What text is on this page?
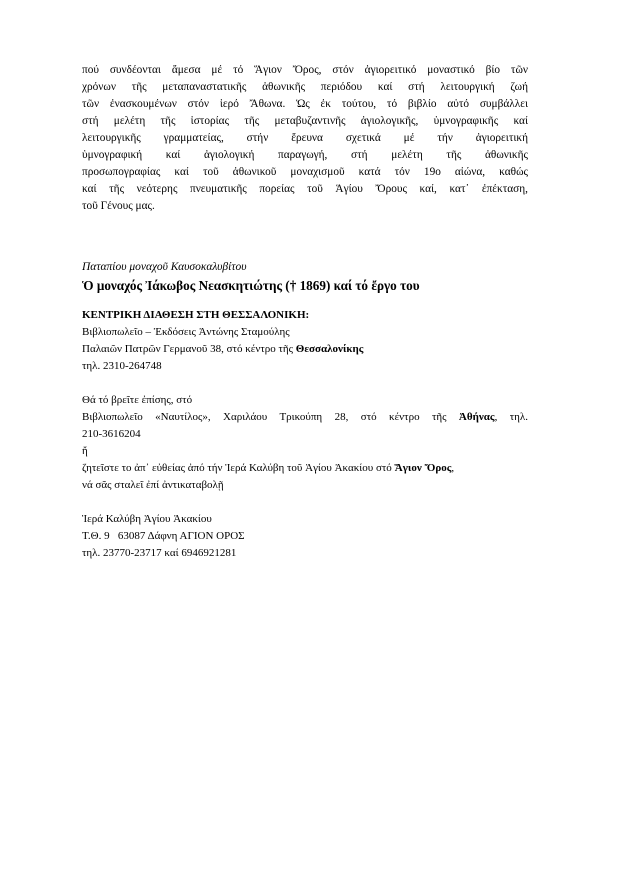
πού συνδέονται ἄμεσα μέ τό Ἅγιον Ὄρος, στόν ἁγιορειτικό μοναστικό βίο τῶν
χρόνων τῆς μεταπαναστατικῆς ἀθωνικῆς περιόδου καί στή λειτουργική ζωή
τῶν ἐνασκουμένων στόν ἱερό Ἄθωνα. Ὡς ἐκ τούτου, τό βιβλίο αὐτό συμβάλλει
στή μελέτη τῆς ἱστορίας τῆς μεταβυζαντινῆς ἁγιολογικῆς, ὑμνογραφικῆς καί
λειτουργικῆς γραμματείας, στήν ἔρευνα σχετικά μέ τήν ἁγιορειτική
ὑμνογραφική καί ἁγιολογική παραγωγή, στή μελέτη τῆς ἀθωνικῆς
προσωπογραφίας καί τοῦ ἀθωνικοῦ μοναχισμοῦ κατά τόν 19ο αἰώνα, καθώς
καί τῆς νεότερης πνευματικῆς πορείας τοῦ Ἁγίου Ὄρους καί, κατ᾿ ἐπέκταση,
τοῦ Γένους μας.

Παταπίου μοναχοῦ Καυσοκαλυβίτου
Ὁ μοναχός Ἰάκωβος Νεασκητιώτης († 1869) καί τό ἔργο του
ΚΕΝΤΡΙΚΗ ΔΙΑΘΕΣΗ ΣΤΗ ΘΕΣΣΑΛΟΝΙΚΗ:
Βιβλιοπωλεῖο – Ἐκδόσεις Ἀντώνης Σταμούλης
Παλαιῶν Πατρῶν Γερμανοῦ 38, στό κέντρο τῆς Θεσσαλονίκης
τηλ. 2310-264748
Θά τό βρεῖτε ἐπίσης, στό
Βιβλιοπωλεῖο «Ναυτίλος», Χαριλάου Τρικούπη 28, στό κέντρο τῆς Ἀθήνας, τηλ.
210-3616204
ἤ
ζητεῖστε το ἀπ᾿ εὐθείας ἀπό τήν Ἱερά Καλύβη τοῦ Ἁγίου Ἀκακίου στό Ἅγιον Ὄρος,
νά σᾶς σταλεῖ ἐπί ἀντικαταβολῇ
Ἱερά Καλύβη Ἁγίου Ἀκακίου
Τ.Θ. 9   63087 Δάφνη ΑΓΙΟΝ ΟΡΟΣ
τηλ. 23770-23717 καί 6946921281
